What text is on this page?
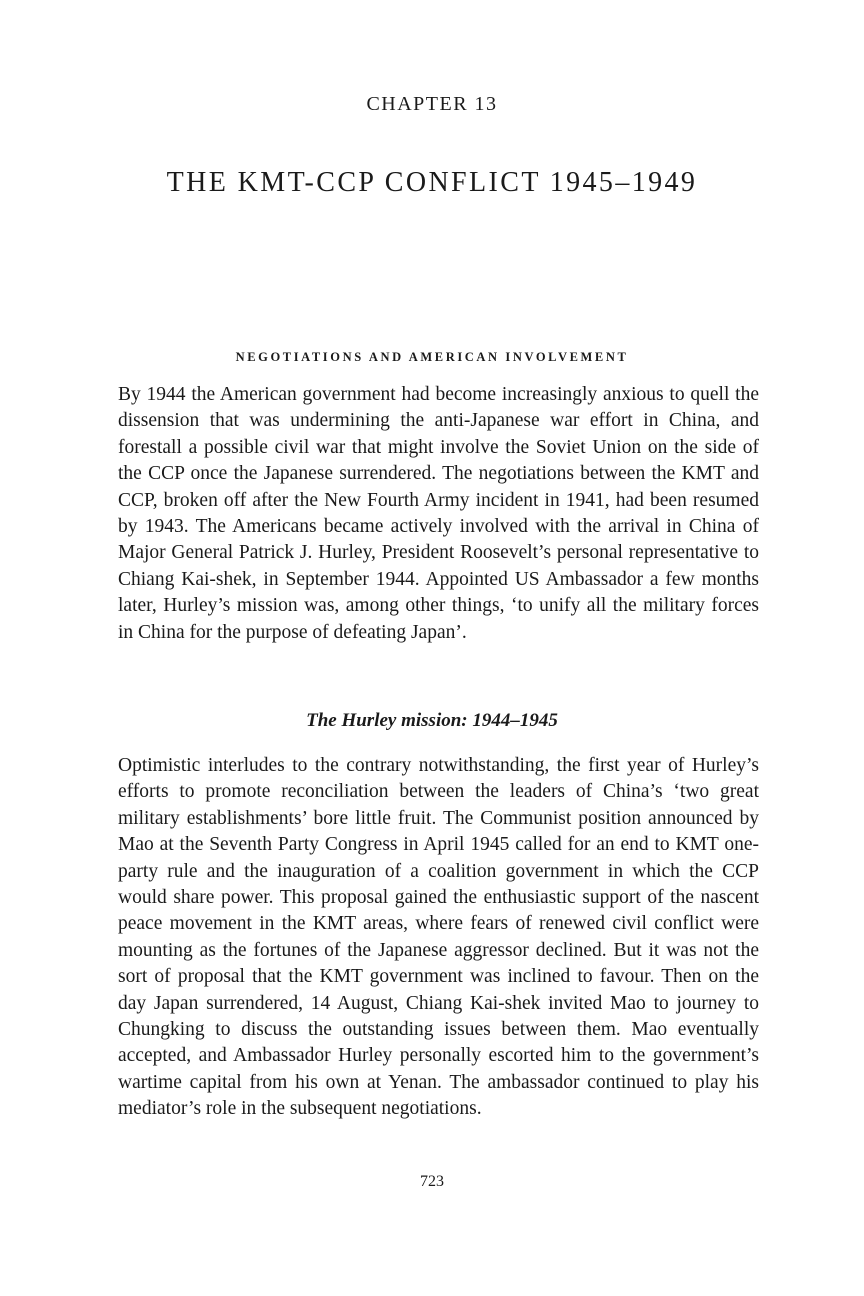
CHAPTER 13

THE KMT-CCP CONFLICT 1945–1949
NEGOTIATIONS AND AMERICAN INVOLVEMENT

By 1944 the American government had become increasingly anxious to quell the dissension that was undermining the anti-Japanese war effort in China, and forestall a possible civil war that might involve the Soviet Union on the side of the CCP once the Japanese surrendered. The negotiations between the KMT and CCP, broken off after the New Fourth Army incident in 1941, had been resumed by 1943. The Americans became actively involved with the arrival in China of Major General Patrick J. Hurley, President Roosevelt’s personal representative to Chiang Kai-shek, in September 1944. Appointed US Ambassador a few months later, Hurley’s mission was, among other things, ‘to unify all the military forces in China for the purpose of defeating Japan’.

The Hurley mission: 1944–1945

Optimistic interludes to the contrary notwithstanding, the first year of Hurley’s efforts to promote reconciliation between the leaders of China’s ‘two great military establishments’ bore little fruit. The Communist position announced by Mao at the Seventh Party Congress in April 1945 called for an end to KMT one-party rule and the inauguration of a coalition government in which the CCP would share power. This proposal gained the enthusiastic support of the nascent peace movement in the KMT areas, where fears of renewed civil conflict were mounting as the fortunes of the Japanese aggressor declined. But it was not the sort of proposal that the KMT government was inclined to favour. Then on the day Japan surrendered, 14 August, Chiang Kai-shek invited Mao to journey to Chungking to discuss the outstanding issues between them. Mao eventually accepted, and Ambassador Hurley personally escorted him to the government’s wartime capital from his own at Yenan. The ambassador continued to play his mediator’s role in the subsequent negotiations.

723
